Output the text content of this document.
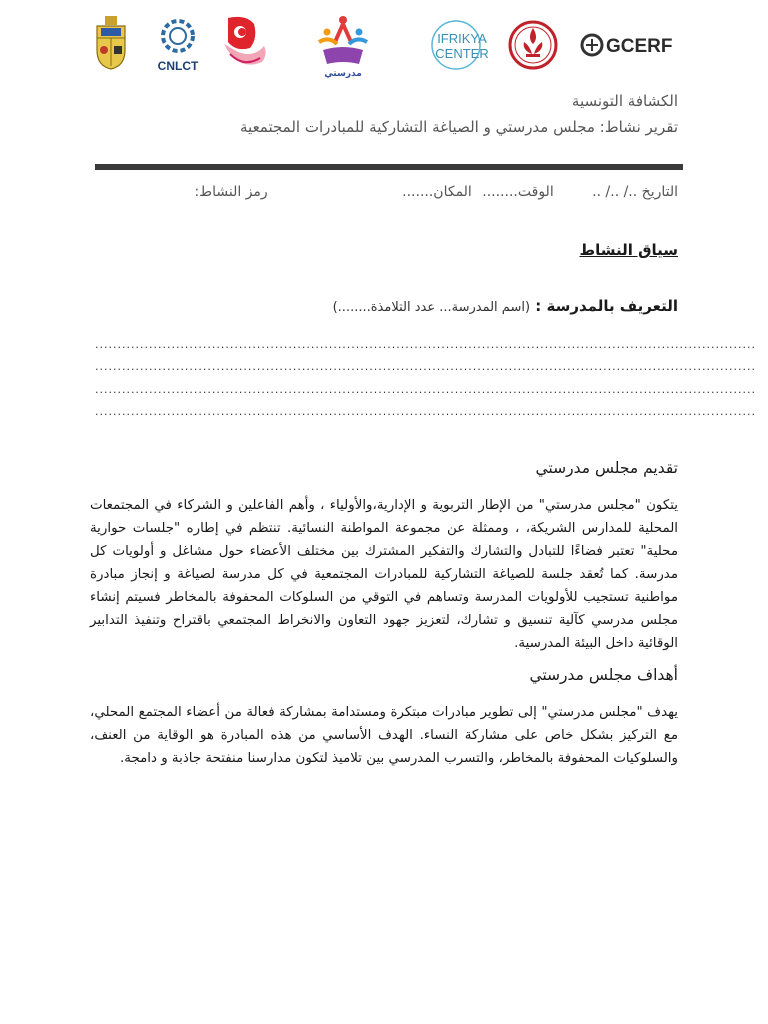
CNLCT
مدرستي
IFRIKYA
CENTER	GCERF
الكشافة التونسية
تقرير نشاط: مجلس مدرستي و الصياغة التشاركية للمبادرات المجتمعية
التاريخ ../ ../ .. الوقت........ المكان....... رمز النشاط:
سياق النشاط
التعريف بالمدرسة : (اسم المدرسة... عدد التلامذة........)
...................................................................................................................................................
...................................................................................................................................................
...................................................................................................................................................
...................................................................................................................................................
تقديم مجلس مدرستي
يتكون "مجلس مدرستي" من الإطار التربوية و الإدارية،والأولياء ، وأهم الفاعلين و الشركاء في المجتمعات المحلية للمدارس الشريكة، ، وممثلة عن مجموعة المواطنة النسائية. تنتظم في إطاره "جلسات حوارية محلية" تعتبر فضاءًا للتبادل والتشارك والتفكير المشترك بين مختلف الأعضاء حول مشاغل و أولويات كل مدرسة. كما تُعقد جلسة للصياغة التشاركية للمبادرات المجتمعية في كل مدرسة لصياغة و إنجاز مبادرة مواطنية تستجيب للأولويات المدرسة وتساهم في التوقي من السلوكات المحفوفة بالمخاطر فسيتم إنشاء مجلس مدرسي كآلية تنسيق و تشارك، لتعزيز جهود التعاون والانخراط المجتمعي باقتراح وتنفيذ التدابير الوقائية داخل البيئة المدرسية.
أهداف مجلس مدرستي
يهدف "مجلس مدرستي" إلى تطوير مبادرات مبتكرة ومستدامة بمشاركة فعالة من أعضاء المجتمع المحلي، مع التركيز بشكل خاص على مشاركة النساء. الهدف الأساسي من هذه المبادرة هو الوقاية من العنف، والسلوكيات المحفوفة بالمخاطر، والتسرب المدرسي بين تلاميذ لتكون مدارسنا منفتحة جاذبة و دامجة.
